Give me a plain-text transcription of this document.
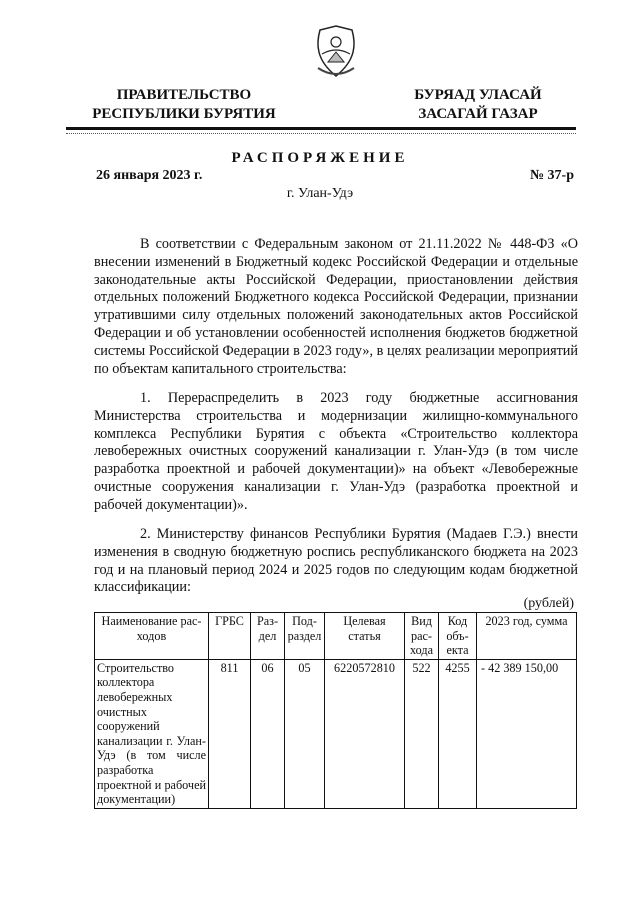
ПРАВИТЕЛЬСТВО
РЕСПУБЛИКИ БУРЯТИЯ
БУРЯАД УЛАСАЙ
ЗАСАГАЙ ГАЗАР
РАСПОРЯЖЕНИЕ
26 января 2023 г.	№ 37-р
г. Улан-Удэ

В соответствии с Федеральным законом от 21.11.2022 № 448-ФЗ «О внесении изменений в Бюджетный кодекс Российской Федерации и отдельные законодательные акты Российской Федерации, приостановлении действия отдельных положений Бюджетного кодекса Российской Федерации, признании утратившими силу отдельных положений законодательных актов Российской Федерации и об установлении особенностей исполнения бюджетов бюджетной системы Российской Федерации в 2023 году», в целях реализации мероприятий по объектам капитального строительства:

1. Перераспределить в 2023 году бюджетные ассигнования Министерства строительства и модернизации жилищно-коммунального комплекса Республики Бурятия с объекта «Строительство коллектора левобережных очистных сооружений канализации г. Улан-Удэ (в том числе разработка проектной и рабочей документации)» на объект «Левобережные очистные сооружения канализации г. Улан-Удэ (разработка проектной и рабочей документации)».

2. Министерству финансов Республики Бурятия (Мадаев Г.Э.) внести изменения в сводную бюджетную роспись республиканского бюджета на 2023 год и на плановый период 2024 и 2025 годов по следующим кодам бюджетной классификации:

(рублей)
Наименование рас-ходов	ГРБС	Раз-дел	Под-раздел	Целевая статья	Вид рас-хода	Код объ-екта	2023 год, сумма
Строительство коллектора левобережных очистных сооружений канализации г. Улан-Удэ (в том числе разработка проектной и рабочей документации)	811	06	05	6220572810	522	4255	- 42 389 150,00
